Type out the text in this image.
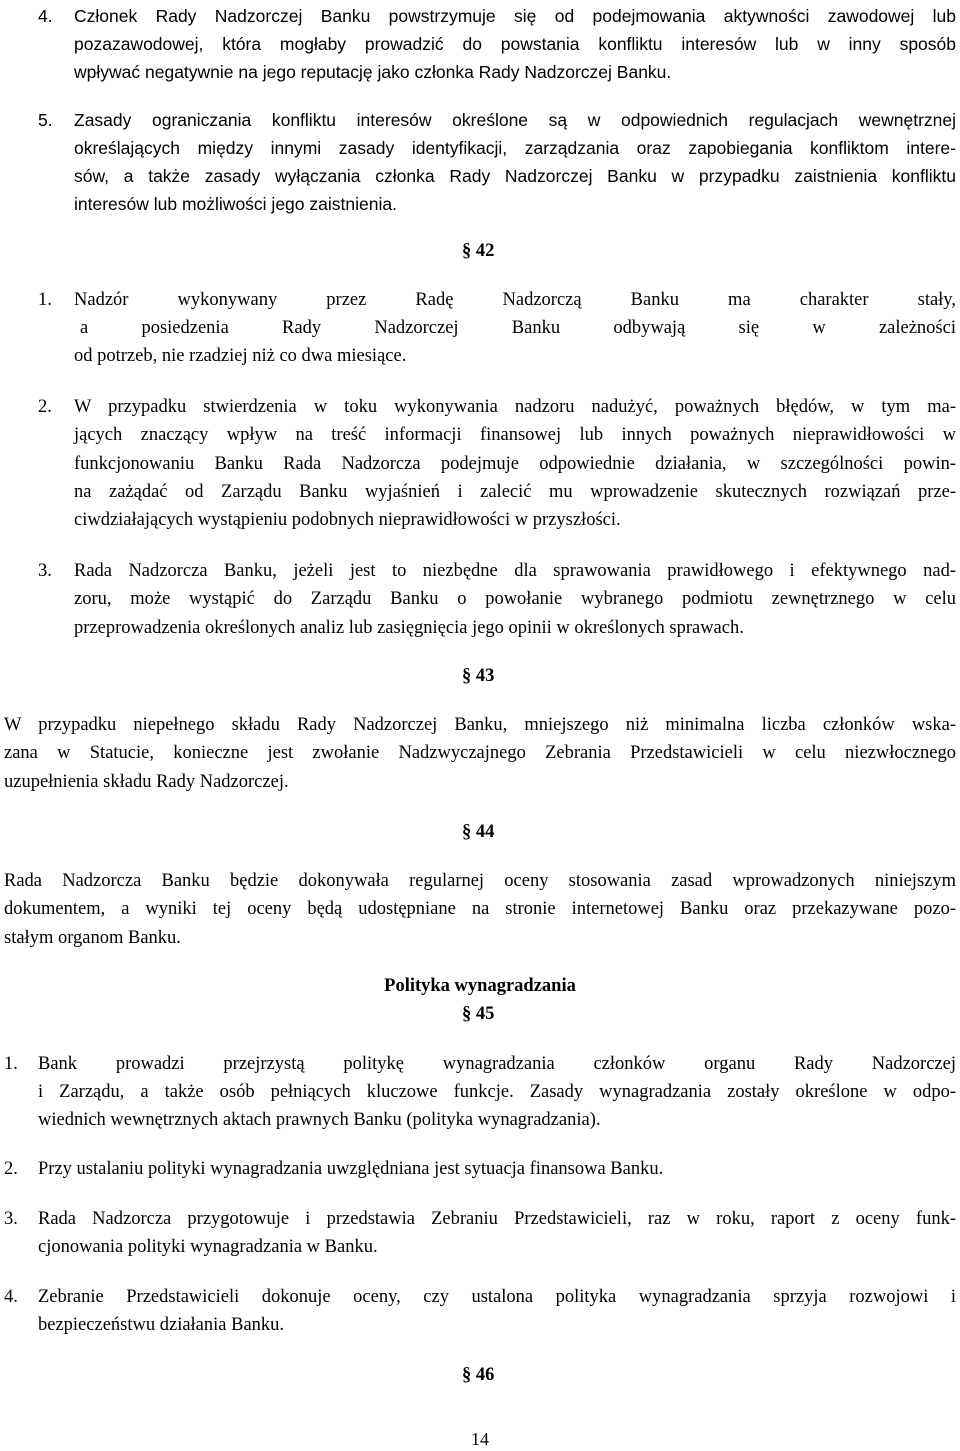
4. Członek Rady Nadzorczej Banku powstrzymuje się od podejmowania aktywności zawodowej lub
pozazawodowej, która mogłaby prowadzić do powstania konfliktu interesów lub w inny sposób
wpływać negatywnie na jego reputację jako członka Rady Nadzorczej Banku.
5. Zasady ograniczania konfliktu interesów określone są w odpowiednich regulacjach wewnętrznej
określających między innymi zasady identyfikacji, zarządzania oraz zapobiegania konfliktom intere-
sów, a także zasady wyłączania członka Rady Nadzorczej Banku w przypadku zaistnienia konfliktu
interesów lub możliwości jego zaistnienia.
§ 42
1. Nadzór wykonywany przez Radę Nadzorczą Banku ma charakter stały,
a posiedzenia Rady Nadzorczej Banku odbywają się w zależności
od potrzeb, nie rzadziej niż co dwa miesiące.
2. W przypadku stwierdzenia w toku wykonywania nadzoru nadużyć, poważnych błędów, w tym ma-
jących znaczący wpływ na treść informacji finansowej lub innych poważnych nieprawidłowości w
funkcjonowaniu Banku Rada Nadzorcza podejmuje odpowiednie działania, w szczególności powin-
na zażądać od Zarządu Banku wyjaśnień i zalecić mu wprowadzenie skutecznych rozwiązań prze-
ciwdziałających wystąpieniu podobnych nieprawidłowości w przyszłości.
3. Rada Nadzorcza Banku, jeżeli jest to niezbędne dla sprawowania prawidłowego i efektywnego nad-
zoru, może wystąpić do Zarządu Banku o powołanie wybranego podmiotu zewnętrznego w celu
przeprowadzenia określonych analiz lub zasięgnięcia jego opinii w określonych sprawach.
§ 43
W przypadku niepełnego składu Rady Nadzorczej Banku, mniejszego niż minimalna liczba członków wska-
zana w Statucie, konieczne jest zwołanie Nadzwyczajnego Zebrania Przedstawicieli w celu niezwłocznego
uzupełnienia składu Rady Nadzorczej.
§ 44
Rada Nadzorcza Banku będzie dokonywała regularnej oceny stosowania zasad wprowadzonych niniejszym
dokumentem, a wyniki tej oceny będą udostępniane na stronie internetowej Banku oraz przekazywane pozo-
stałym organom Banku.
Polityka wynagradzania
§ 45
1. Bank prowadzi przejrzystą politykę wynagradzania członków organu Rady Nadzorczej
i Zarządu, a także osób pełniących kluczowe funkcje. Zasady wynagradzania zostały określone w odpo-
wiednich wewnętrznych aktach prawnych Banku (polityka wynagradzania).
2. Przy ustalaniu polityki wynagradzania uwzględniana jest sytuacja finansowa Banku.
3. Rada Nadzorcza przygotowuje i przedstawia Zebraniu Przedstawicieli, raz w roku, raport z oceny funk-
cjonowania polityki wynagradzania w Banku.
4. Zebranie Przedstawicieli dokonuje oceny, czy ustalona polityka wynagradzania sprzyja rozwojowi i
bezpieczeństwu działania Banku.
§ 46
14
